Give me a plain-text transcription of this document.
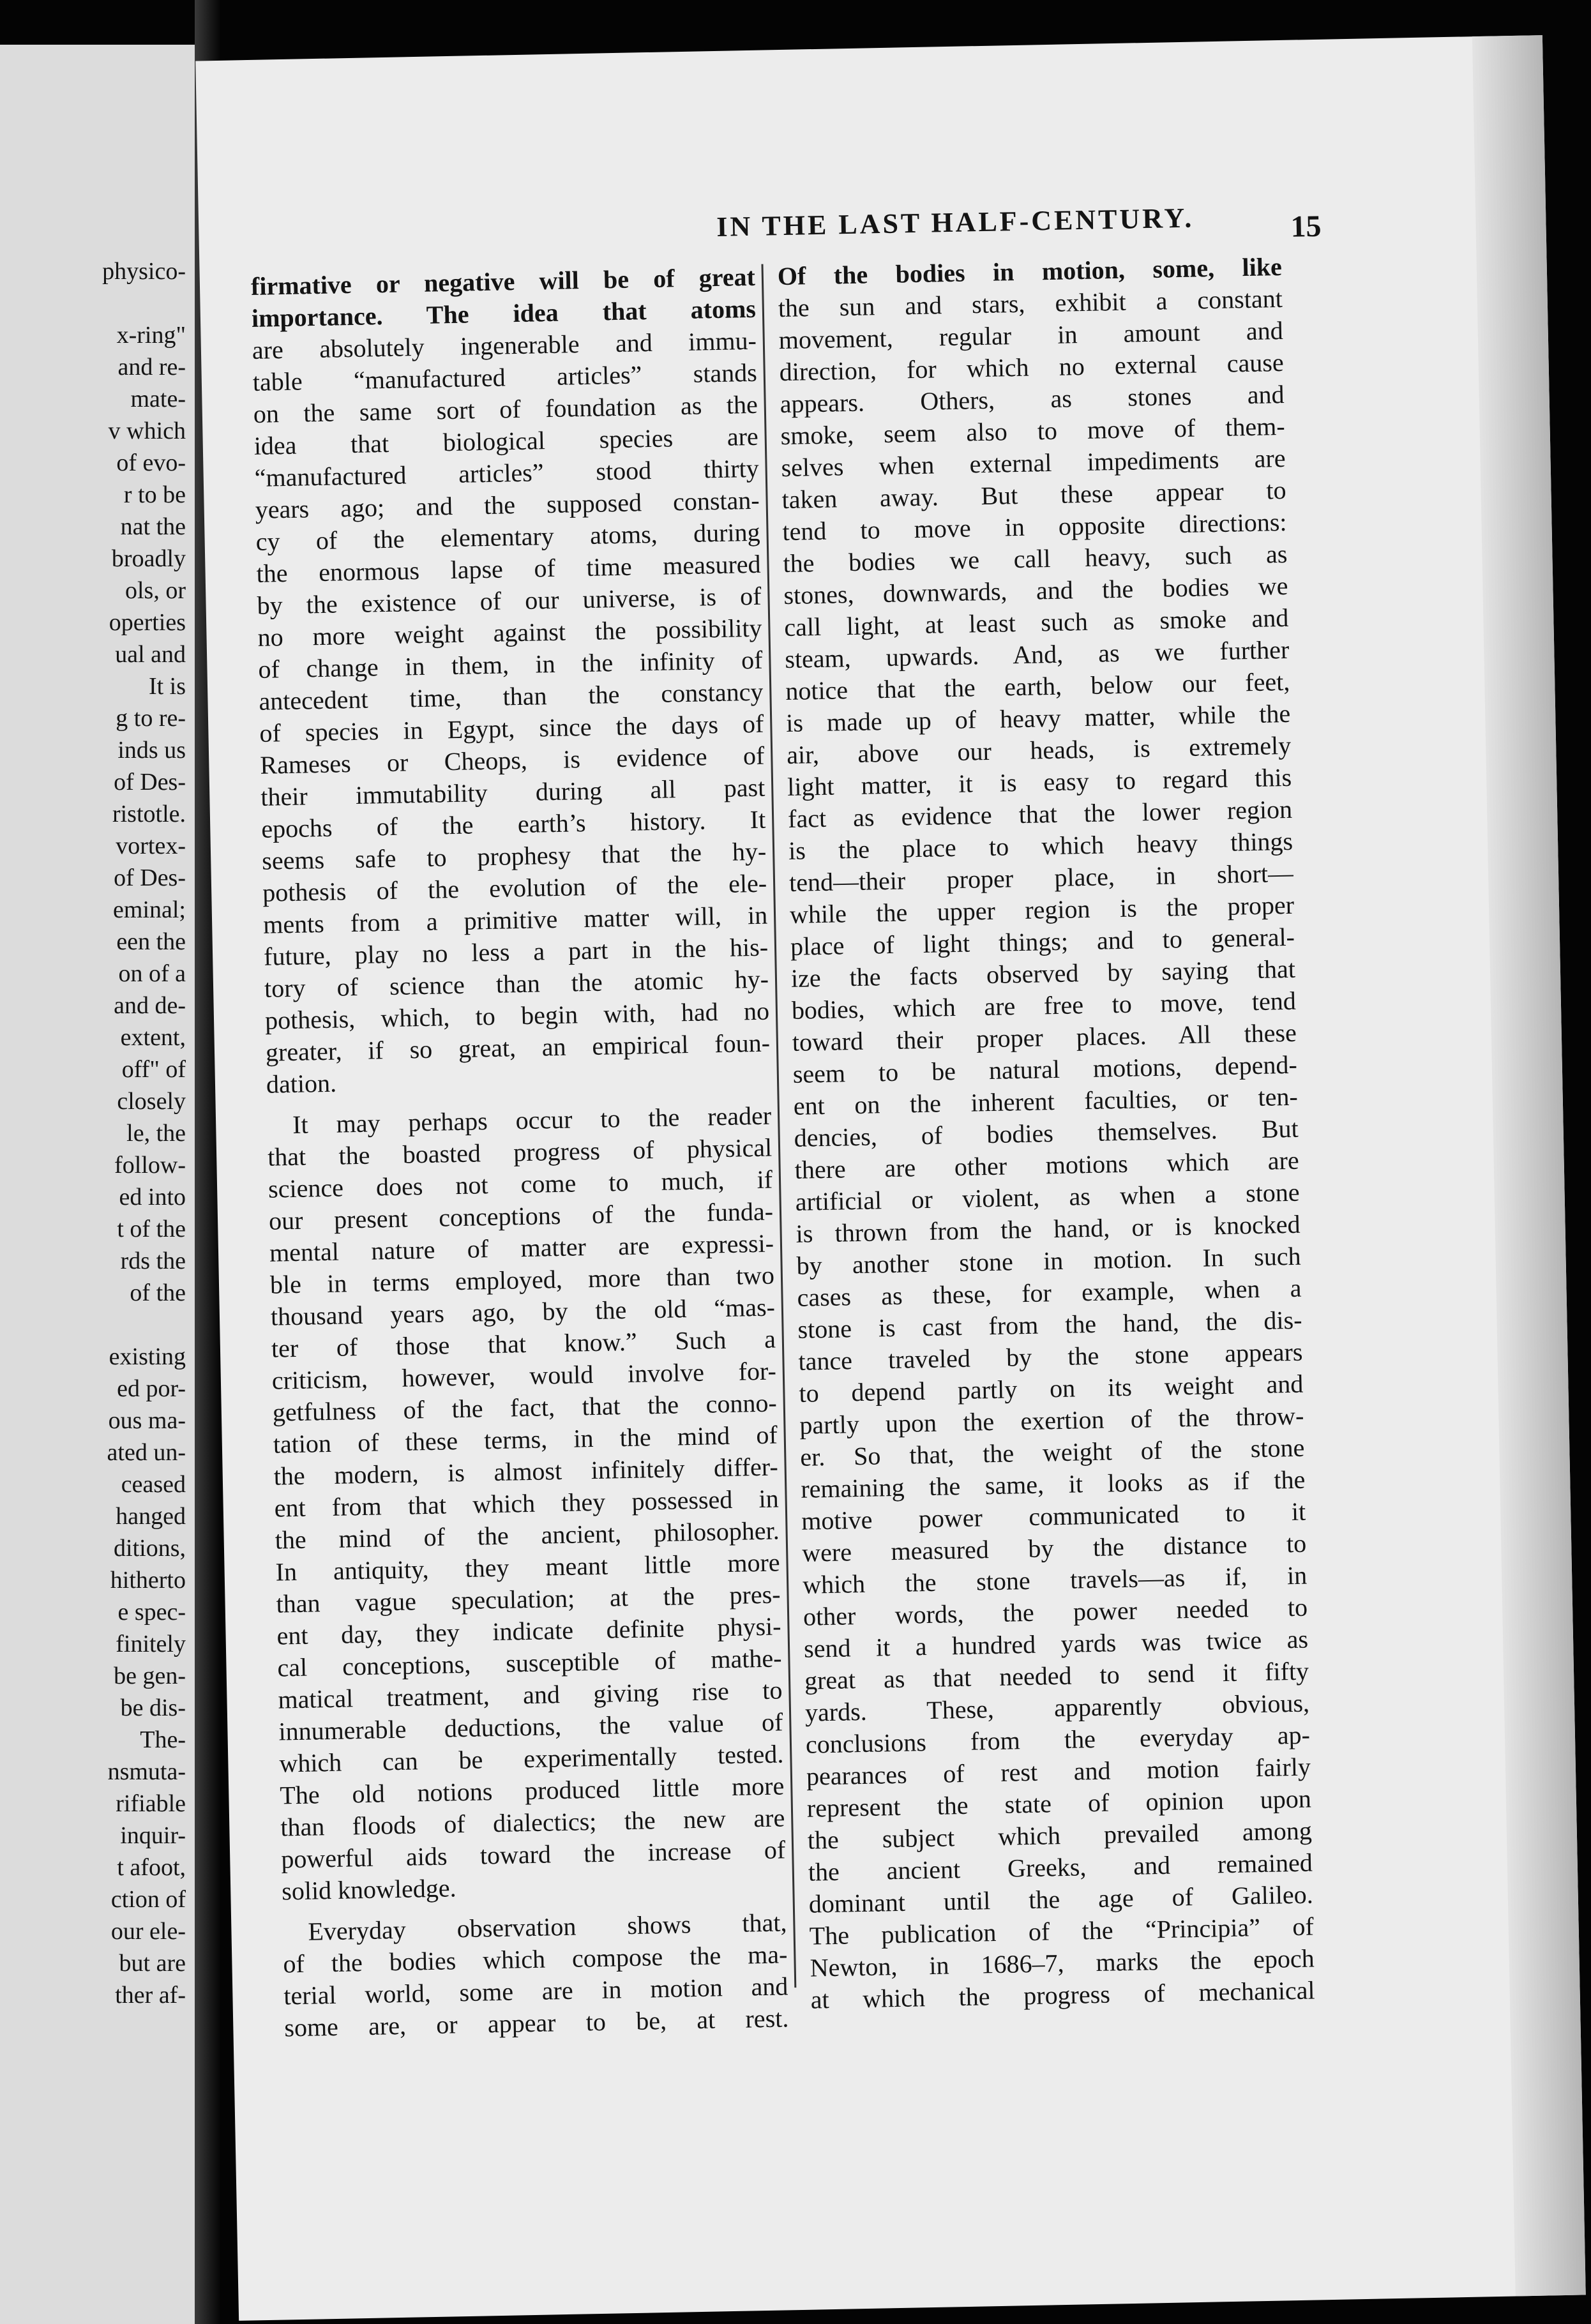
physico-

x-ring"
and re-
mate-
v which
of evo-
r to be
nat the
broadly
ols, or
operties
ual and
It is
g to re-
inds us
of Des-
ristotle.
vortex-
of Des-
eminal;
een the
on of a
and de-
extent,
off" of
closely
le, the
follow-
ed into
t of the
rds the
of the

existing
ed por-
ous ma-
ated un-
ceased
hanged
ditions,
hitherto
e spec-
finitely
be gen-
be dis-
The-
nsmuta-
rifiable
inquir-
t afoot,
ction of
our ele-
but are
ther af-
IN THE LAST HALF-CENTURY.	15
firmative or negative will be of great
importance. The idea that atoms
are absolutely ingenerable and immu-
table “manufactured articles” stands
on the same sort of foundation as the
idea that biological species are
“manufactured articles” stood thirty
years ago; and the supposed constan-
cy of the elementary atoms, during
the enormous lapse of time measured
by the existence of our universe, is of
no more weight against the possibility
of change in them, in the infinity of
antecedent time, than the constancy
of species in Egypt, since the days of
Rameses or Cheops, is evidence of
their immutability during all past
epochs of the earth’s history. It
seems safe to prophesy that the hy-
pothesis of the evolution of the ele-
ments from a primitive matter will, in
future, play no less a part in the his-
tory of science than the atomic hy-
pothesis, which, to begin with, had no
greater, if so great, an empirical foun-
dation.
It may perhaps occur to the reader
that the boasted progress of physical
science does not come to much, if
our present conceptions of the funda-
mental nature of matter are expressi-
ble in terms employed, more than two
thousand years ago, by the old “mas-
ter of those that know.” Such a
criticism, however, would involve for-
getfulness of the fact, that the conno-
tation of these terms, in the mind of
the modern, is almost infinitely differ-
ent from that which they possessed in
the mind of the ancient, philosopher.
In antiquity, they meant little more
than vague speculation; at the pres-
ent day, they indicate definite physi-
cal conceptions, susceptible of mathe-
matical treatment, and giving rise to
innumerable deductions, the value of
which can be experimentally tested.
The old notions produced little more
than floods of dialectics; the new are
powerful aids toward the increase of
solid knowledge.
Everyday observation shows that,
of the bodies which compose the ma-
terial world, some are in motion and
some are, or appear to be, at rest.
Of the bodies in motion, some, like
the sun and stars, exhibit a constant
movement, regular in amount and
direction, for which no external cause
appears. Others, as stones and
smoke, seem also to move of them-
selves when external impediments are
taken away. But these appear to
tend to move in opposite directions:
the bodies we call heavy, such as
stones, downwards, and the bodies we
call light, at least such as smoke and
steam, upwards. And, as we further
notice that the earth, below our feet,
is made up of heavy matter, while the
air, above our heads, is extremely
light matter, it is easy to regard this
fact as evidence that the lower region
is the place to which heavy things
tend—their proper place, in short—
while the upper region is the proper
place of light things; and to general-
ize the facts observed by saying that
bodies, which are free to move, tend
toward their proper places. All these
seem to be natural motions, depend-
ent on the inherent faculties, or ten-
dencies, of bodies themselves. But
there are other motions which are
artificial or violent, as when a stone
is thrown from the hand, or is knocked
by another stone in motion. In such
cases as these, for example, when a
stone is cast from the hand, the dis-
tance traveled by the stone appears
to depend partly on its weight and
partly upon the exertion of the throw-
er. So that, the weight of the stone
remaining the same, it looks as if the
motive power communicated to it
were measured by the distance to
which the stone travels—as if, in
other words, the power needed to
send it a hundred yards was twice as
great as that needed to send it fifty
yards. These, apparently obvious,
conclusions from the everyday ap-
pearances of rest and motion fairly
represent the state of opinion upon
the subject which prevailed among
the ancient Greeks, and remained
dominant until the age of Galileo.
The publication of the “Principia” of
Newton, in 1686–7, marks the epoch
at which the progress of mechanical
